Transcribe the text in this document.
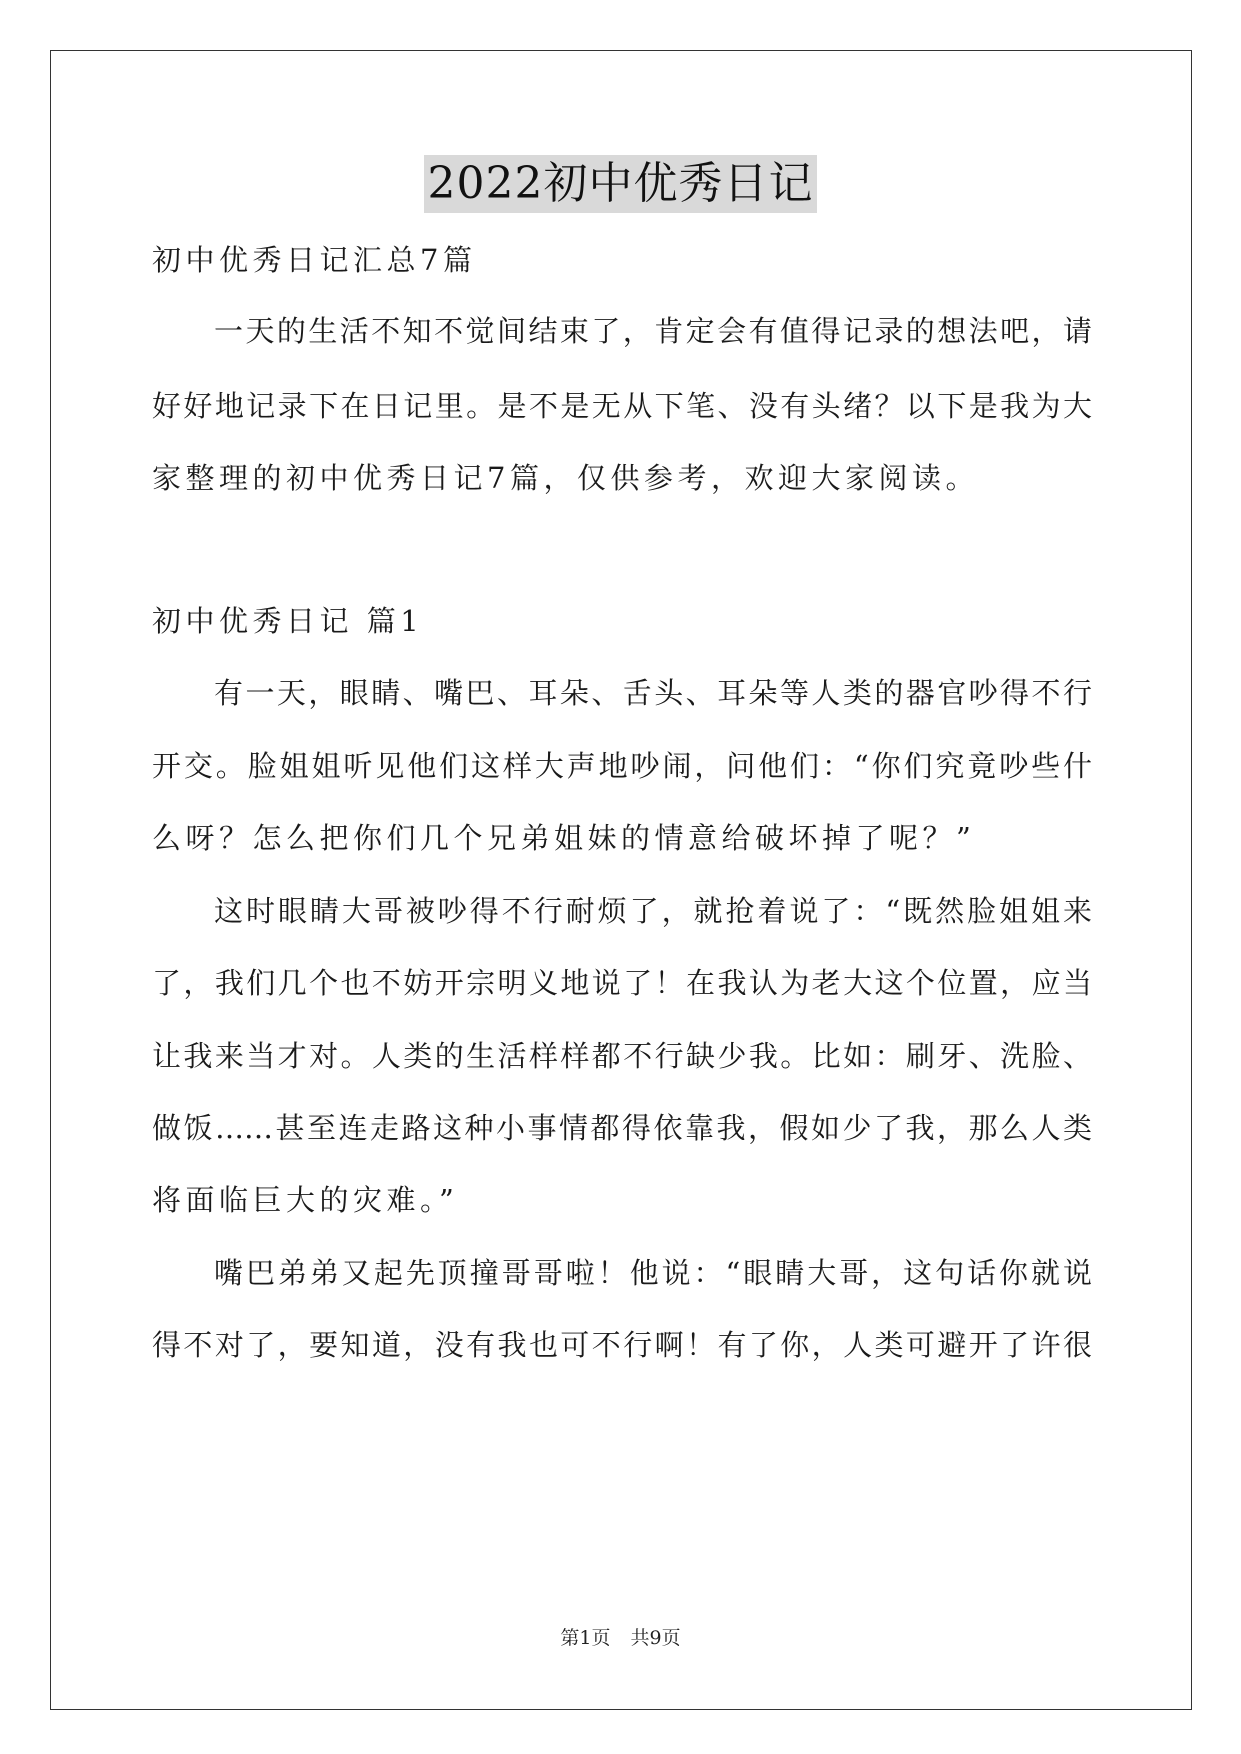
2022初中优秀日记
初中优秀日记汇总7篇
一天的生活不知不觉间结束了，肯定会有值得记录的想法吧，请
好好地记录下在日记里。是不是无从下笔、没有头绪？以下是我为大
家整理的初中优秀日记7篇，仅供参考，欢迎大家阅读。
初中优秀日记 篇1
有一天，眼睛、嘴巴、耳朵、舌头、耳朵等人类的器官吵得不行
开交。脸姐姐听见他们这样大声地吵闹，问他们：“你们究竟吵些什
么呀？怎么把你们几个兄弟姐妹的情意给破坏掉了呢？”
这时眼睛大哥被吵得不行耐烦了，就抢着说了：“既然脸姐姐来
了，我们几个也不妨开宗明义地说了！在我认为老大这个位置，应当
让我来当才对。人类的生活样样都不行缺少我。比如：刷牙、洗脸、
做饭……甚至连走路这种小事情都得依靠我，假如少了我，那么人类
将面临巨大的灾难。”
嘴巴弟弟又起先顶撞哥哥啦！他说：“眼睛大哥，这句话你就说
得不对了，要知道，没有我也可不行啊！有了你，人类可避开了许很
第1页 共9页
